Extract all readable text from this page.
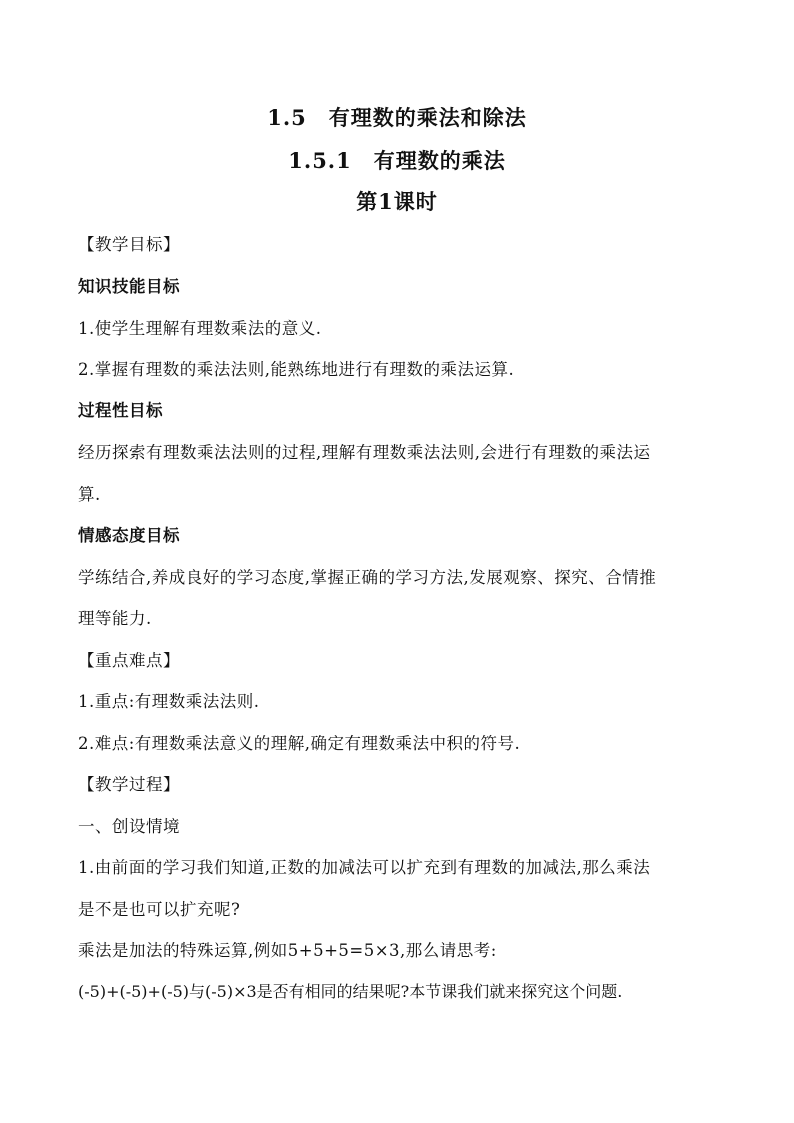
1.5　有理数的乘法和除法
1.5.1　有理数的乘法
第1课时
【教学目标】
知识技能目标
1.使学生理解有理数乘法的意义.
2.掌握有理数的乘法法则,能熟练地进行有理数的乘法运算.
过程性目标
经历探索有理数乘法法则的过程,理解有理数乘法法则,会进行有理数的乘法运
算.
情感态度目标
学练结合,养成良好的学习态度,掌握正确的学习方法,发展观察、探究、合情推
理等能力.
【重点难点】
1.重点:有理数乘法法则.
2.难点:有理数乘法意义的理解,确定有理数乘法中积的符号.
【教学过程】
一、创设情境
1.由前面的学习我们知道,正数的加减法可以扩充到有理数的加减法,那么乘法
是不是也可以扩充呢?
乘法是加法的特殊运算,例如5+5+5=5×3,那么请思考:
(-5)+(-5)+(-5)与(-5)×3是否有相同的结果呢?本节课我们就来探究这个问题.
